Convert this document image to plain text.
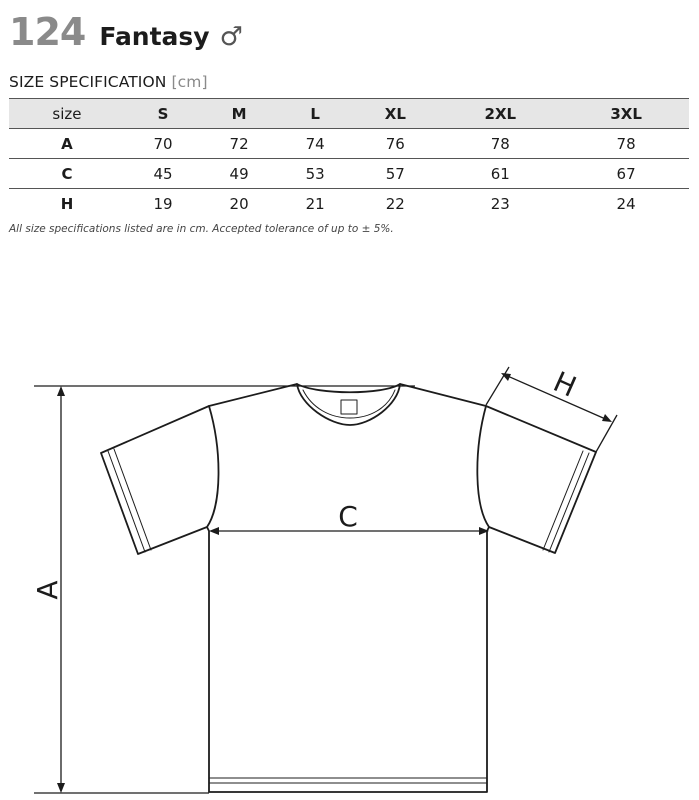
124 Fantasy ♂
SIZE SPECIFICATION [cm]
size	S	M	L	XL	2XL	3XL
A	70	72	74	76	78	78
C	45	49	53	57	61	67
H	19	20	21	22	23	24
All size specifications listed are in cm. Accepted tolerance of up to ± 5%.
A
C
H
